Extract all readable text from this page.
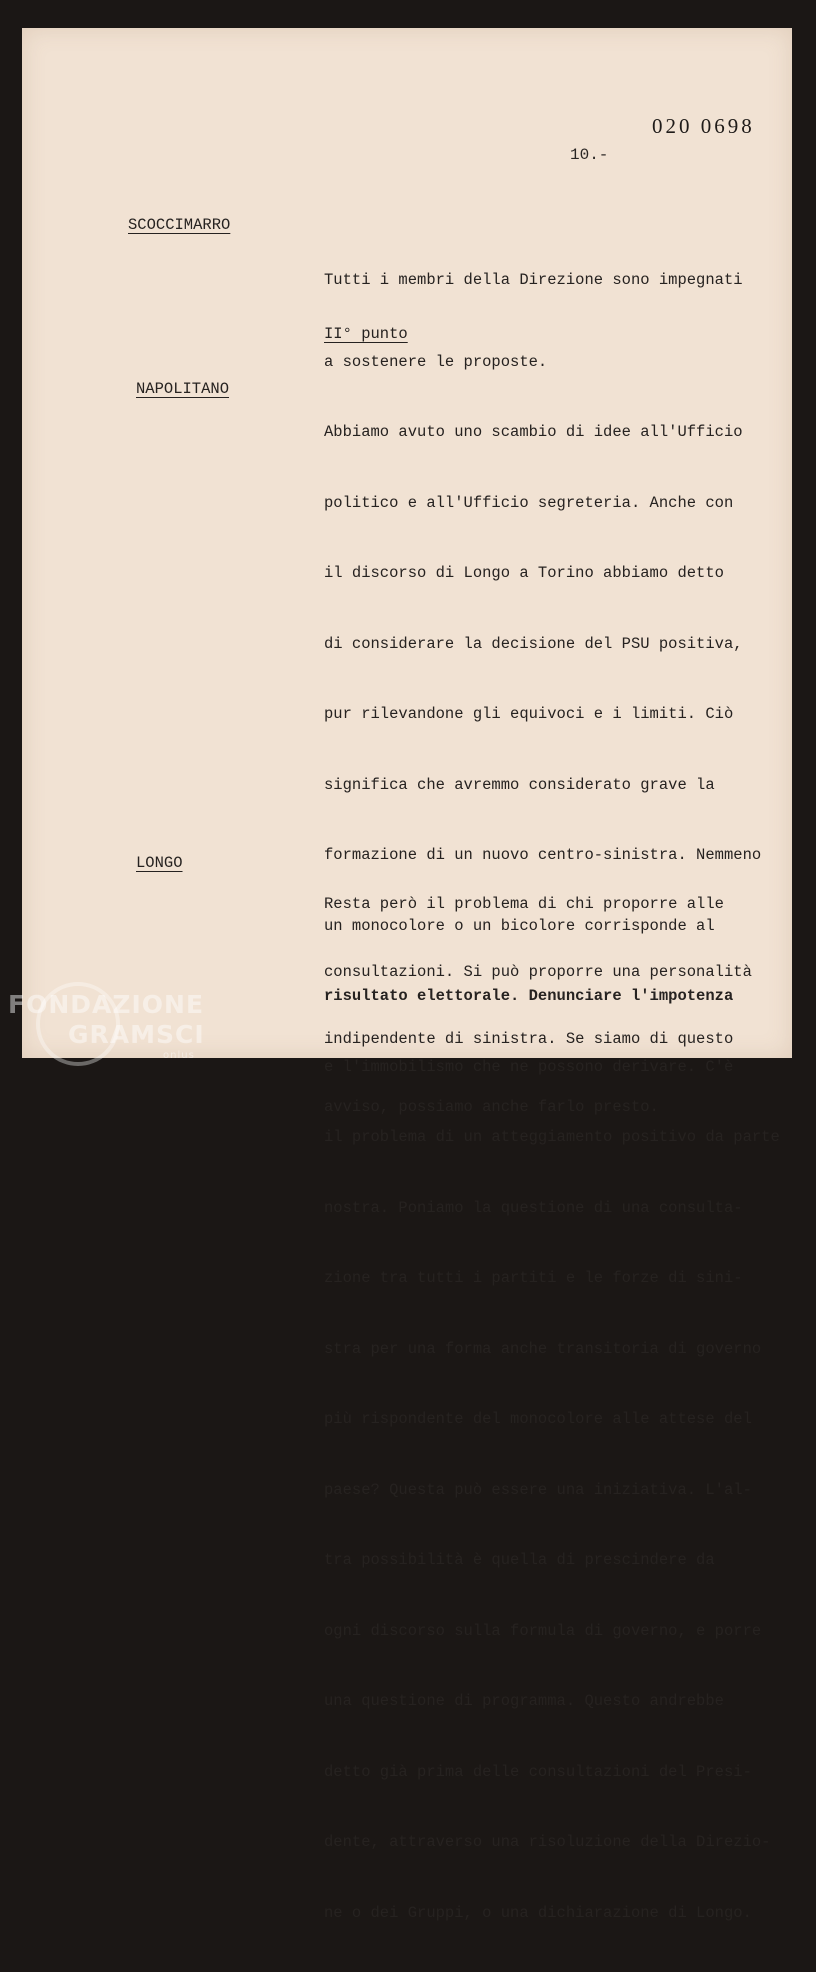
020 0698
10.-
SCOCCIMARRO

Tutti i membri della Direzione sono impegnati

a sostenere le proposte.

II° punto
NAPOLITANO

Abbiamo avuto uno scambio di idee all'Ufficio

politico e all'Ufficio segreteria. Anche con

il discorso di Longo a Torino abbiamo detto

di considerare la decisione del PSU positiva,

pur rilevandone gli equivoci e i limiti. Ciò

significa che avremmo considerato grave la

formazione di un nuovo centro-sinistra. Nemmeno

un monocolore o un bicolore corrisponde al

risultato elettorale. Denunciare l'impotenza

e l'immobilismo che ne possono derivare. C'è

il problema di un atteggiamento positivo da parte

nostra. Poniamo la questione di una consulta-

zione tra tutti i partiti e le forze di sini-

stra per una forma anche transitoria di governo

più rispondente del monocolore alle attese del

paese? Questa può essere una iniziativa. L'al-

tra possibilità è quella di prescindere da

ogni discorso sulla formula di governo, e porre

una questione di programma. Questo andrebbe

detto già prima delle consultazioni del Presi-

dente, attraverso una risoluzione della Direzio-

ne o dei Gruppi, o una dichiarazione di Longo.

LONGO

Resta però il problema di chi proporre alle

consultazioni. Si può proporre una personalità

indipendente di sinistra. Se siamo di questo

avviso, possiamo anche farlo presto.

FONDAZIONE
GRAMSCI
onlus
